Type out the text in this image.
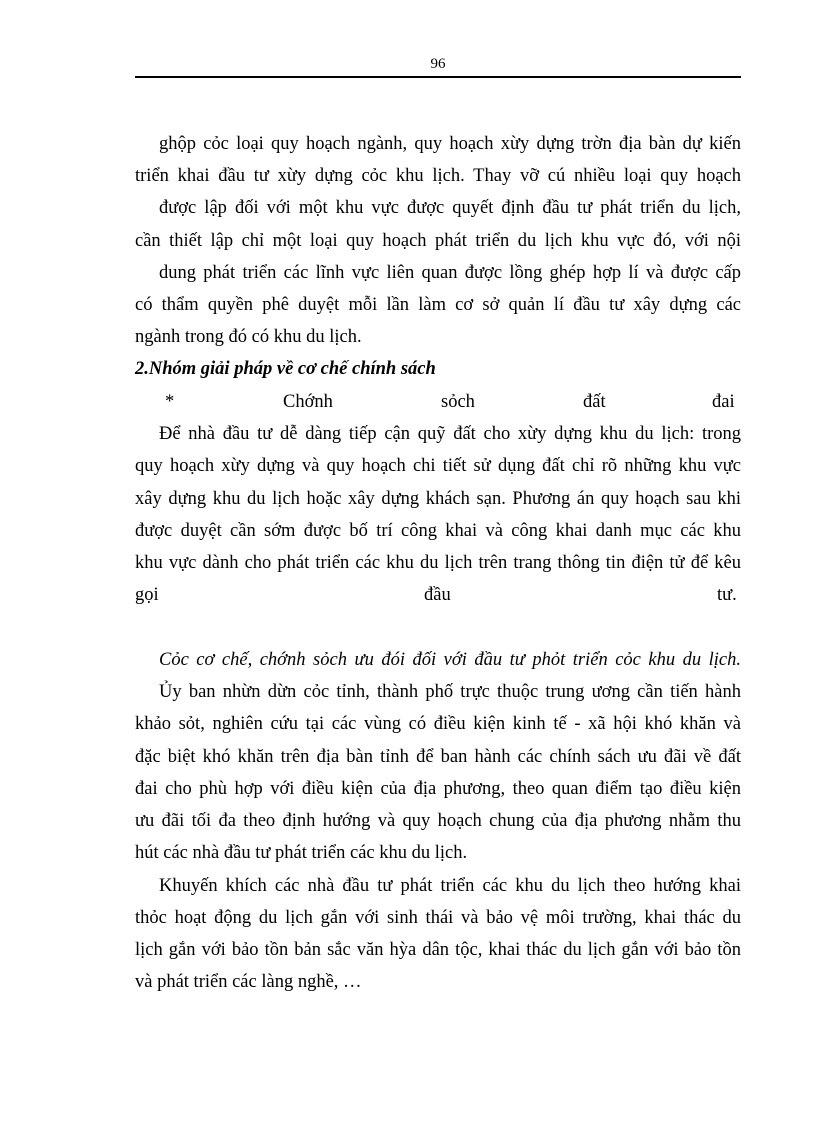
96
ghộp cỏc loại quy hoạch ngành, quy hoạch xừy dựng trờn địa bàn dự kiến
triển khai đầu tư xừy dựng cỏc khu lịch. Thay vỡ cú nhiều loại quy hoạch
được lập đối với một khu vực được quyết định đầu tư phát triển du lịch,
cần thiết lập chỉ một loại quy hoạch phát triển du lịch khu vực đó, với nội
dung phát triển các lĩnh vực liên quan được lồng ghép hợp lí và được cấp
có thẩm quyền phê duyệt mỗi lần làm cơ sở quản lí đầu tư xây dựng các
ngành trong đó có khu du lịch.
2.Nhóm giải pháp về cơ chế chính sách
*	Chớnh	sỏch	đất	đai
Để nhà đầu tư dễ dàng tiếp cận quỹ đất cho xừy dựng khu du lịch: trong
quy hoạch xừy dựng và quy hoạch chi tiết sử dụng đất chỉ rõ những khu vực
xây dựng khu du lịch hoặc xây dựng khách sạn. Phương án quy hoạch sau khi
được duyệt cần sớm được bố trí công khai và công khai danh mục các khu
khu vực dành cho phát triển các khu du lịch trên trang thông tin điện tử để kêu
gọi	đầu	tư.
Cỏc cơ chế, chớnh sỏch ưu đói đối với đầu tư phỏt triển cỏc khu du lịch.
Ủy ban nhừn dừn cỏc tỉnh, thành phố trực thuộc trung ương cần tiến hành
khảo sỏt, nghiên cứu tại các vùng có điều kiện kinh tế - xã hội khó khăn và
đặc biệt khó khăn trên địa bàn tỉnh để ban hành các chính sách ưu đãi về đất
đai cho phù hợp với điều kiện của địa phương, theo quan điểm tạo điều kiện
ưu đãi tối đa theo định hướng và quy hoạch chung của địa phương nhằm thu
hút các nhà đầu tư phát triển các khu du lịch.
Khuyến khích các nhà đầu tư phát triển các khu du lịch theo hướng khai
thỏc hoạt động du lịch gắn với sinh thái và bảo vệ môi trường, khai thác du
lịch gắn với bảo tồn bản sắc văn hỳa dân tộc, khai thác du lịch gắn với bảo tồn
và phát triển các làng nghề, …
